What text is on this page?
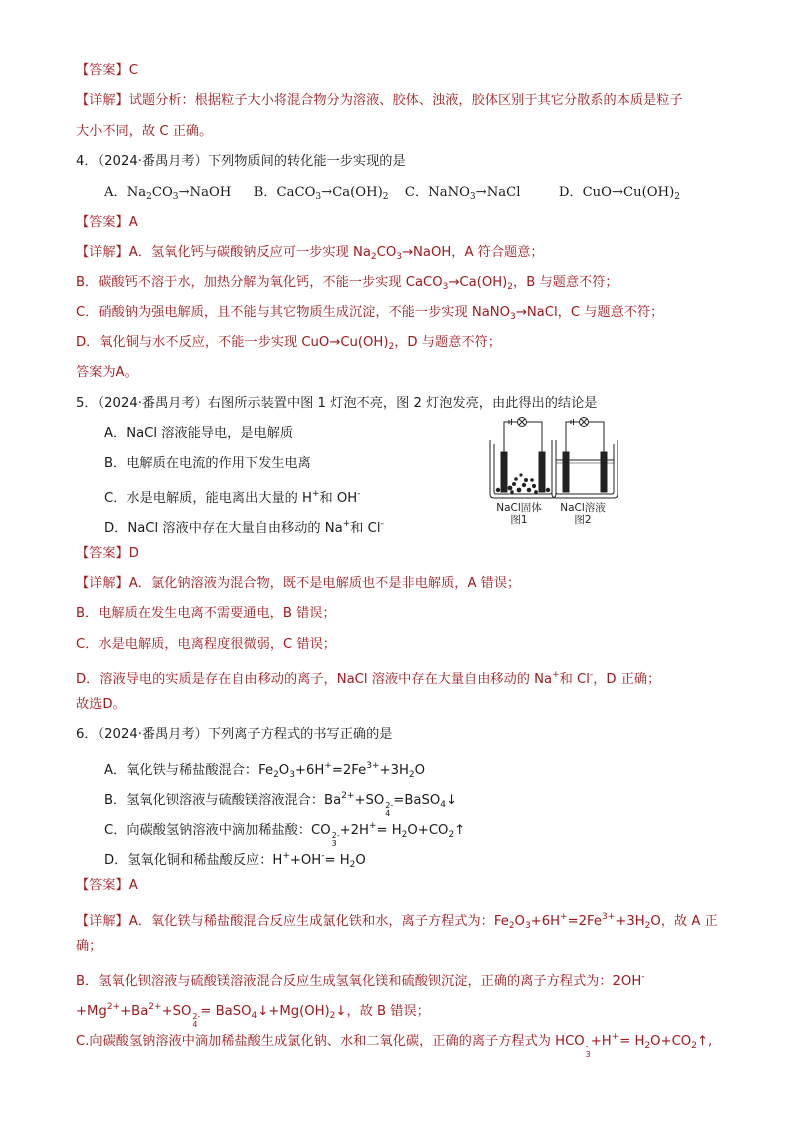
【答案】C
【详解】试题分析：根据粒子大小将混合物分为溶液、胶体、浊液，胶体区别于其它分散系的本质是粒子
大小不同，故 C 正确。
4．（2024·番禺月考）下列物质间的转化能一步实现的是
A．$Na_2CO_3\to NaOH$ B．$CaCO_3\to Ca(OH)_2$ C．NaNO$_3$→NaCl	D．$CuO\to Cu(OH)_2$
【答案】A
【详解】A．氢氧化钙与碳酸钠反应可一步实现 $Na_2CO_3\to NaOH$，A 符合题意；
B．碳酸钙不溶于水，加热分解为氧化钙，不能一步实现 $CaCO_3\to Ca(OH)_2$，B 与题意不符；
C．硝酸钠为强电解质，且不能与其它物质生成沉淀，不能一步实现 NaNO$_3$→NaCl，C 与题意不符；
D．氧化铜与水不反应，不能一步实现 $CuO\to Cu(OH)_2$，D 与题意不符；
答案为A。
5．（2024·番禺月考）右图所示装置中图 1 灯泡不亮，图 2 灯泡发亮，由此得出的结论是
A．NaCl 溶液能导电，是电解质
B．电解质在电流的作用下发生电离
C．水是电解质，能电离出大量的 H+和 OH-
D．NaCl 溶液中存在大量自由移动的 Na+和 Cl-
NaCl固体
图1
NaCl溶液
图2
【答案】D
【详解】A．氯化钠溶液为混合物，既不是电解质也不是非电解质，A 错误；
B．电解质在发生电离不需要通电，B 错误；
C．水是电解质，电离程度很微弱，C 错误；
D．溶液导电的实质是存在自由移动的离子，NaCl 溶液中存在大量自由移动的 Na+和 Cl-，D 正确；
故选D。
6．（2024·番禺月考）下列离子方程式的书写正确的是
A．氧化铁与稀盐酸混合：$Fe_2O_3+6H^+=2Fe^{3+}+3H_2O$
B．氢氧化钡溶液与硫酸镁溶液混合：$Ba^{2+}+SO$ 2-
4
=BaSO$_4$↓
C．向碳酸氢钠溶液中滴加稀盐酸：CO 2-
3
$+2H^+= H_2O+CO_2↑$
D．氢氧化铜和稀盐酸反应：$H^++OH^-= H_2O$
【答案】A
【详解】A．氧化铁与稀盐酸混合反应生成氯化铁和水，离子方程式为：$Fe_2O_3+6H^+=2Fe^{3+}+3H_2O$，故 A 正
确；
B．氢氧化钡溶液与硫酸镁溶液混合反应生成氢氧化镁和硫酸钡沉淀，正确的离子方程式为：2OH-
$+Mg^{2+}+Ba^{2+}+SO$ 2-
4
= $BaSO_4↓+Mg(OH)_2↓$，故 B 错误；
C.向碳酸氢钠溶液中滴加稀盐酸生成氯化钠、水和二氧化碳，正确的离子方程式为 HCO -
3
$+H^+= H_2O+CO_2↑$,
